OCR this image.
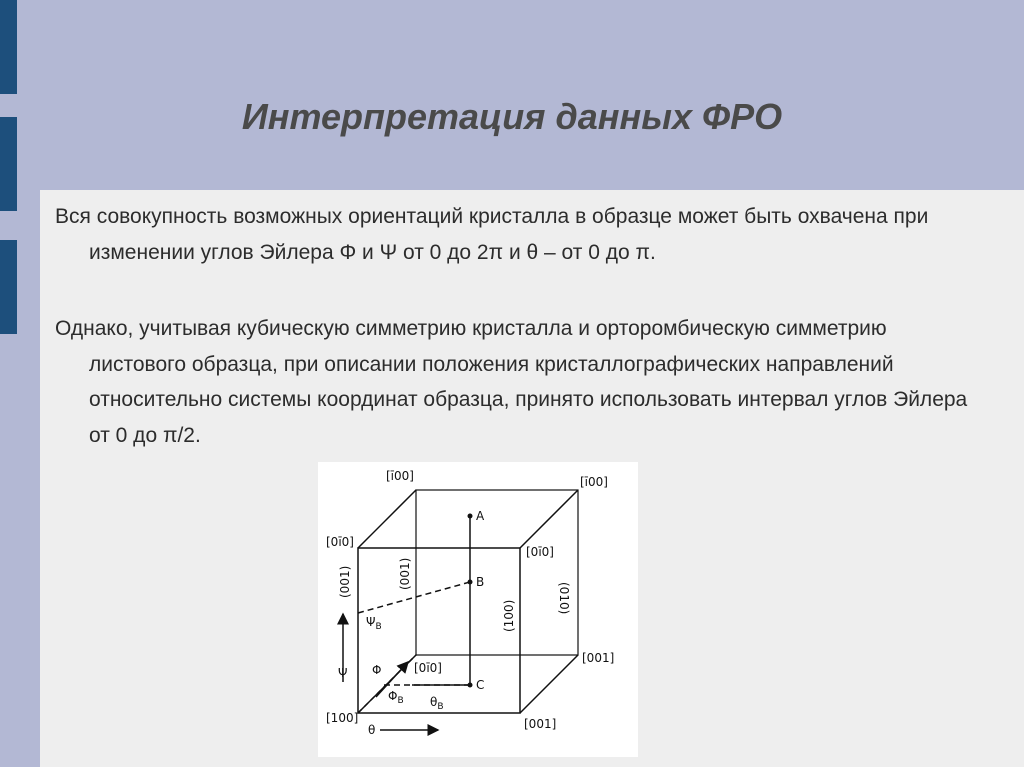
Интерпретация данных ФРО
Вся совокупность возможных ориентаций кристалла в образце может быть охвачена при изменении углов Эйлера Φ и Ψ от 0 до 2π и θ – от 0 до π.
Однако, учитывая кубическую симметрию кристалла и орторомбическую симметрию листового образца, при описании положения кристаллографических направлений относительно системы координат образца, принято использовать интервал углов Эйлера от 0 до π/2.
[ī00]	[ī00]
[0ī0]
[0ī0]
[0ī0]
[001]
[100]	[001]
(001)	(001)
(100)
(010)
A
B
C
$\Psi_B$
Ψ Φ
$\Phi_B$ $\theta_B$
θ
